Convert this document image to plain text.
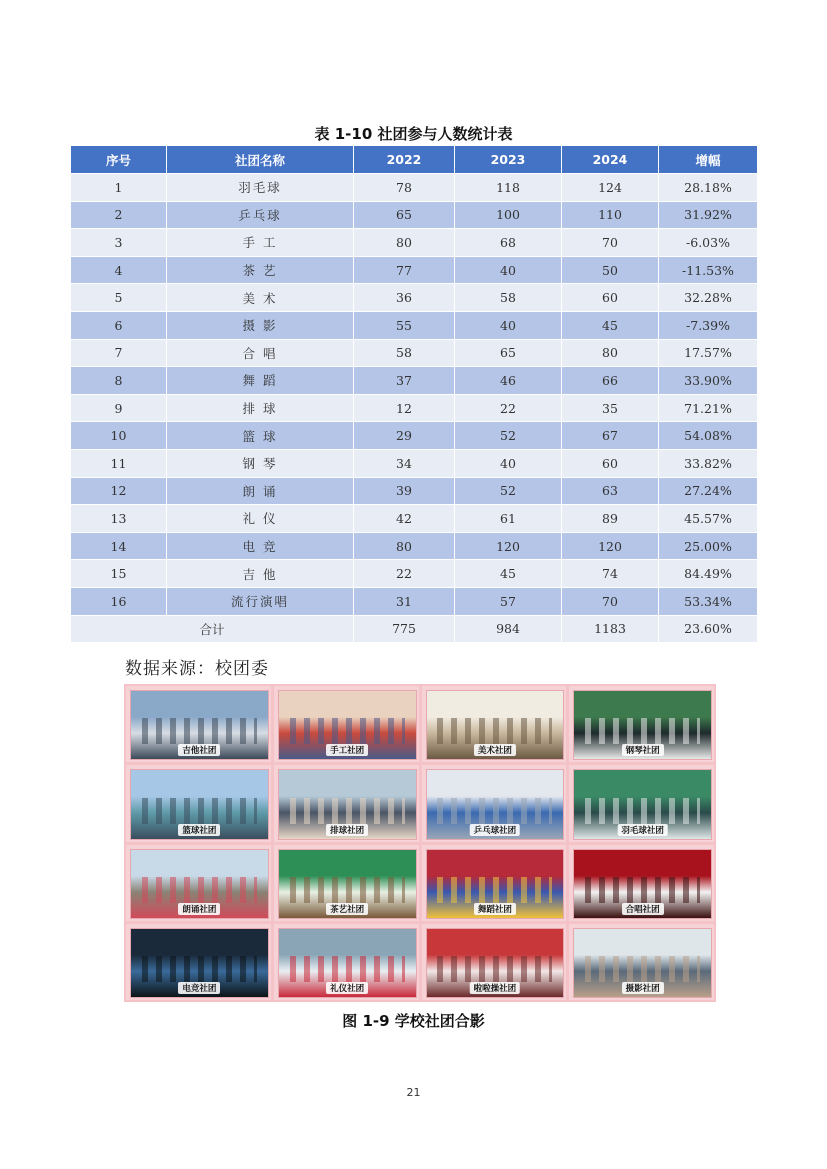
表 1-10 社团参与人数统计表
序号	社团名称	2022	2023	2024	增幅
1	羽毛球	78	118	124	28.18%
2	乒乓球	65	100	110	31.92%
3	手 工	80	68	70	-6.03%
4	茶 艺	77	40	50	-11.53%
5	美 术	36	58	60	32.28%
6	摄 影	55	40	45	-7.39%
7	合 唱	58	65	80	17.57%
8	舞 蹈	37	46	66	33.90%
9	排 球	12	22	35	71.21%
10	篮 球	29	52	67	54.08%
11	钢 琴	34	40	60	33.82%
12	朗 诵	39	52	63	27.24%
13	礼 仪	42	61	89	45.57%
14	电 竞	80	120	120	25.00%
15	吉 他	22	45	74	84.49%
16	流行演唱	31	57	70	53.34%
合计		775	984	1183	23.60%
数据来源：校团委
吉他社团	手工社团	美术社团	钢琴社团
篮球社团	排球社团	乒乓球社团	羽毛球社团
朗诵社团	茶艺社团	舞蹈社团	合唱社团
电竞社团	礼仪社团	啦啦操社团	摄影社团
图 1-9 学校社团合影
21
